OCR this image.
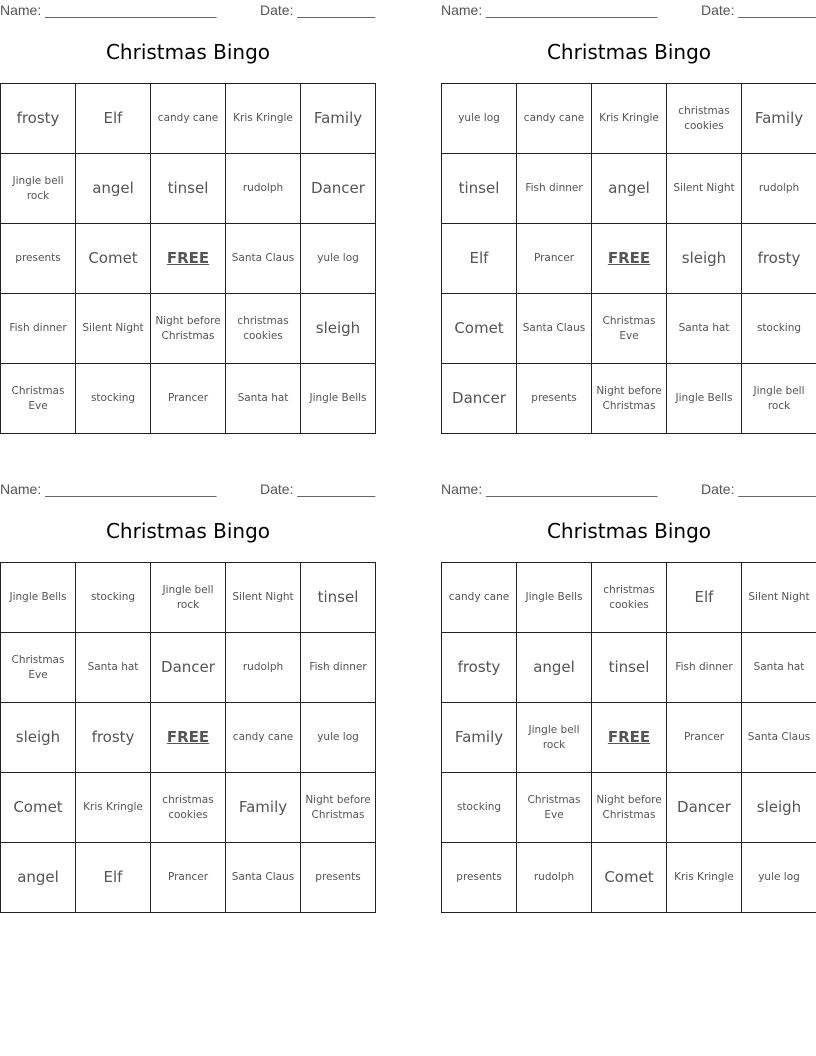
Name: ______________________	Date: __________
Christmas Bingo
frosty	Elf	candy cane	Kris Kringle	Family
Jingle bell rock	angel	tinsel	rudolph	Dancer
presents	Comet	FREE	Santa Claus	yule log
Fish dinner	Silent Night	Night before Christmas	christmas cookies	sleigh
Christmas Eve	stocking	Prancer	Santa hat	Jingle Bells
Name: ______________________	Date: __________
Christmas Bingo
yule log	candy cane	Kris Kringle	christmas cookies	Family
tinsel	Fish dinner	angel	Silent Night	rudolph
Elf	Prancer	FREE	sleigh	frosty
Comet	Santa Claus	Christmas Eve	Santa hat	stocking
Dancer	presents	Night before Christmas	Jingle Bells	Jingle bell rock
Name: ______________________	Date: __________
Christmas Bingo
Jingle Bells	stocking	Jingle bell rock	Silent Night	tinsel
Christmas Eve	Santa hat	Dancer	rudolph	Fish dinner
sleigh	frosty	FREE	candy cane	yule log
Comet	Kris Kringle	christmas cookies	Family	Night before Christmas
angel	Elf	Prancer	Santa Claus	presents
Name: ______________________	Date: __________
Christmas Bingo
candy cane	Jingle Bells	christmas cookies	Elf	Silent Night
frosty	angel	tinsel	Fish dinner	Santa hat
Family	Jingle bell rock	FREE	Prancer	Santa Claus
stocking	Christmas Eve	Night before Christmas	Dancer	sleigh
presents	rudolph	Comet	Kris Kringle	yule log
